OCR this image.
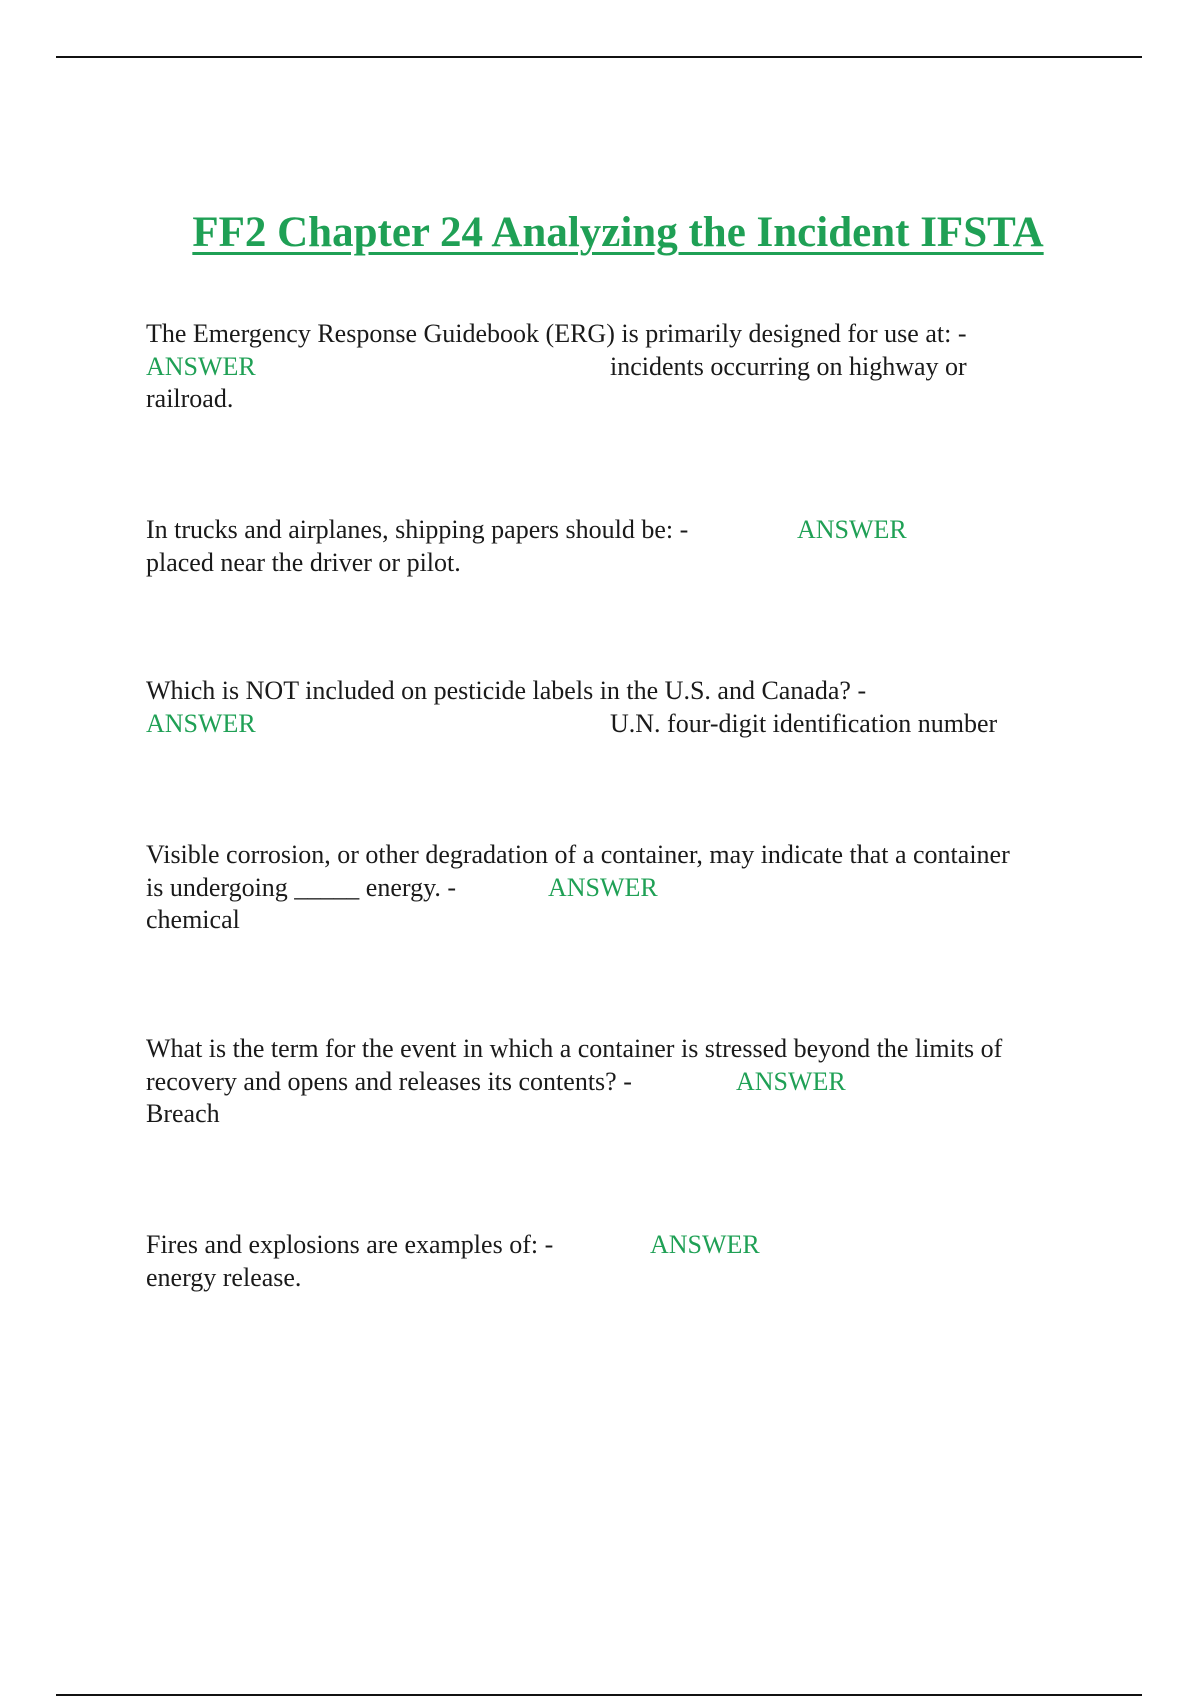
FF2 Chapter 24 Analyzing the Incident IFSTA
The Emergency Response Guidebook (ERG) is primarily designed for use at: -
ANSWER	incidents occurring on highway or
railroad.
In trucks and airplanes, shipping papers should be: -	ANSWER
placed near the driver or pilot.
Which is NOT included on pesticide labels in the U.S. and Canada? -
ANSWER	U.N. four-digit identification number
Visible corrosion, or other degradation of a container, may indicate that a container
is undergoing _____ energy. -	ANSWER
chemical
What is the term for the event in which a container is stressed beyond the limits of
recovery and opens and releases its contents? -	ANSWER
Breach
Fires and explosions are examples of: -	ANSWER
energy release.
